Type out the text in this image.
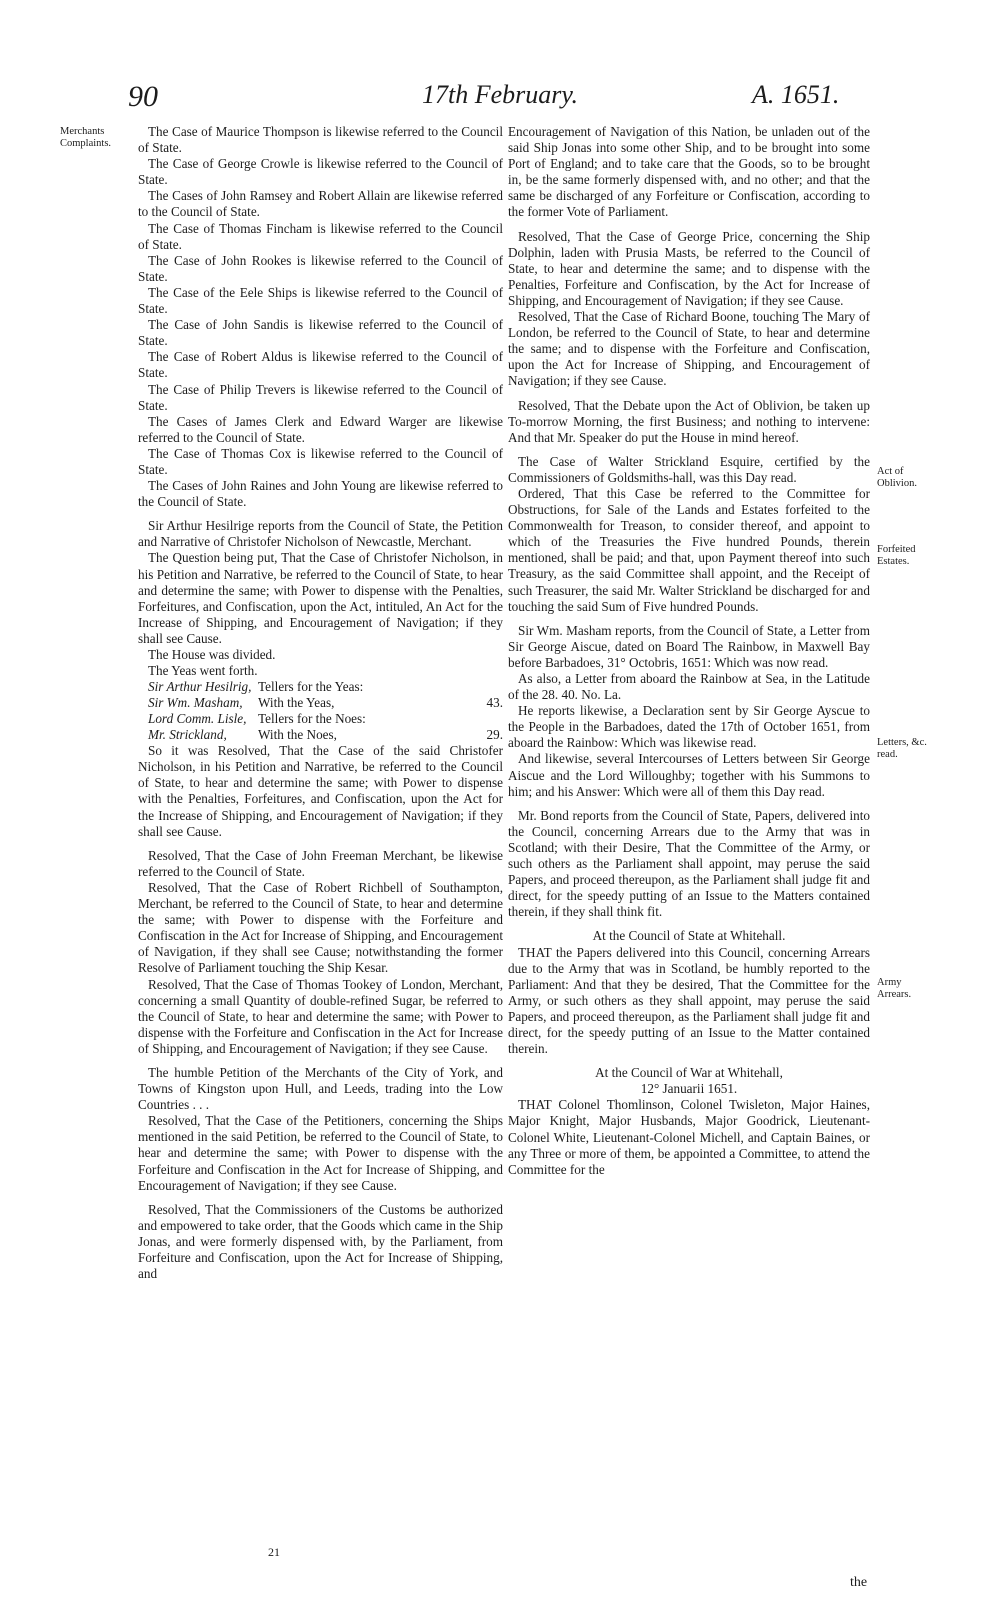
90	17th February.	A. 1651.
Merchants Complaints.
Act of Oblivion.
Forfeited Estates.
Letters, &c. read.
Army Arrears.

The Case of Maurice Thompson is likewise referred to the Council of State.

The Case of George Crowle is likewise referred to the Council of State.

The Cases of John Ramsey and Robert Allain are likewise referred to the Council of State.

The Case of Thomas Fincham is likewise referred to the Council of State.

The Case of John Rookes is likewise referred to the Council of State.

The Case of the Eele Ships is likewise referred to the Council of State.

The Case of John Sandis is likewise referred to the Council of State.

The Case of Robert Aldus is likewise referred to the Council of State.

The Case of Philip Trevers is likewise referred to the Council of State.

The Cases of James Clerk and Edward Warger are likewise referred to the Council of State.

The Case of Thomas Cox is likewise referred to the Council of State.

The Cases of John Raines and John Young are likewise referred to the Council of State.

Sir Arthur Hesilrige reports from the Council of State, the Petition and Narrative of Christofer Nicholson of Newcastle, Merchant.

The Question being put, That the Case of Christofer Nicholson, in his Petition and Narrative, be referred to the Council of State, to hear and determine the same; with Power to dispense with the Penalties, Forfeitures, and Confiscation, upon the Act, intituled, An Act for the Increase of Shipping, and Encouragement of Navigation; if they shall see Cause.

The House was divided.

The Yeas went forth.

Sir Arthur Hesilrig, Tellers for the Yeas:
Sir Wm. Masham,	With the Yeas,	43.
Lord Comm. Lisle, Tellers for the Noes:
Mr. Strickland,	With the Noes,	29.

So it was Resolved, That the Case of the said Christofer Nicholson, in his Petition and Narrative, be referred to the Council of State, to hear and determine the same; with Power to dispense with the Penalties, Forfeitures, and Confiscation, upon the Act for the Increase of Shipping, and Encouragement of Navigation; if they shall see Cause.

Resolved, That the Case of John Freeman Merchant, be likewise referred to the Council of State.

Resolved, That the Case of Robert Richbell of Southampton, Merchant, be referred to the Council of State, to hear and determine the same; with Power to dispense with the Forfeiture and Confiscation in the Act for Increase of Shipping, and Encouragement of Navigation, if they shall see Cause; notwithstanding the former Resolve of Parliament touching the Ship Kesar.

Resolved, That the Case of Thomas Tookey of London, Merchant, concerning a small Quantity of double-refined Sugar, be referred to the Council of State, to hear and determine the same; with Power to dispense with the Forfeiture and Confiscation in the Act for Increase of Shipping, and Encouragement of Navigation; if they see Cause.

The humble Petition of the Merchants of the City of York, and Towns of Kingston upon Hull, and Leeds, trading into the Low Countries . . .

Resolved, That the Case of the Petitioners, concerning the Ships mentioned in the said Petition, be referred to the Council of State, to hear and determine the same; with Power to dispense with the Forfeiture and Confiscation in the Act for Increase of Shipping, and Encouragement of Navigation; if they see Cause.

Resolved, That the Commissioners of the Customs be authorized and empowered to take order, that the Goods which came in the Ship Jonas, and were formerly dispensed with, by the Parliament, from Forfeiture and Confiscation, upon the Act for Increase of Shipping, and

Encouragement of Navigation of this Nation, be unladen out of the said Ship Jonas into some other Ship, and to be brought into some Port of England; and to take care that the Goods, so to be brought in, be the same formerly dispensed with, and no other; and that the same be discharged of any Forfeiture or Confiscation, according to the former Vote of Parliament.

Resolved, That the Case of George Price, concerning the Ship Dolphin, laden with Prusia Masts, be referred to the Council of State, to hear and determine the same; and to dispense with the Penalties, Forfeiture and Confiscation, by the Act for Increase of Shipping, and Encouragement of Navigation; if they see Cause.

Resolved, That the Case of Richard Boone, touching The Mary of London, be referred to the Council of State, to hear and determine the same; and to dispense with the Forfeiture and Confiscation, upon the Act for Increase of Shipping, and Encouragement of Navigation; if they see Cause.

Resolved, That the Debate upon the Act of Oblivion, be taken up To-morrow Morning, the first Business; and nothing to intervene: And that Mr. Speaker do put the House in mind hereof.

The Case of Walter Strickland Esquire, certified by the Commissioners of Goldsmiths-hall, was this Day read.

Ordered, That this Case be referred to the Committee for Obstructions, for Sale of the Lands and Estates forfeited to the Commonwealth for Treason, to consider thereof, and appoint to which of the Treasuries the Five hundred Pounds, therein mentioned, shall be paid; and that, upon Payment thereof into such Treasury, as the said Committee shall appoint, and the Receipt of such Treasurer, the said Mr. Walter Strickland be discharged for and touching the said Sum of Five hundred Pounds.

Sir Wm. Masham reports, from the Council of State, a Letter from Sir George Aiscue, dated on Board The Rainbow, in Maxwell Bay before Barbadoes, 31° Octobris, 1651: Which was now read.

As also, a Letter from aboard the Rainbow at Sea, in the Latitude of the 28. 40. No. La.

He reports likewise, a Declaration sent by Sir George Ayscue to the People in the Barbadoes, dated the 17th of October 1651, from aboard the Rainbow: Which was likewise read.

And likewise, several Intercourses of Letters between Sir George Aiscue and the Lord Willoughby; together with his Summons to him; and his Answer: Which were all of them this Day read.

Mr. Bond reports from the Council of State, Papers, delivered into the Council, concerning Arrears due to the Army that was in Scotland; with their Desire, That the Committee of the Army, or such others as the Parliament shall appoint, may peruse the said Papers, and proceed thereupon, as the Parliament shall judge fit and direct, for the speedy putting of an Issue to the Matters contained therein, if they shall think fit.

At the Council of State at Whitehall.

THAT the Papers delivered into this Council, concerning Arrears due to the Army that was in Scotland, be humbly reported to the Parliament: And that they be desired, That the Committee for the Army, or such others as they shall appoint, may peruse the said Papers, and proceed thereupon, as the Parliament shall judge fit and direct, for the speedy putting of an Issue to the Matter contained therein.

At the Council of War at Whitehall,

12° Januarii 1651.

THAT Colonel Thomlinson, Colonel Twisleton, Major Haines, Major Knight, Major Husbands, Major Goodrick, Lieutenant-Colonel White, Lieutenant-Colonel Michell, and Captain Baines, or any Three or more of them, be appointed a Committee, to attend the Committee for the

21
the
